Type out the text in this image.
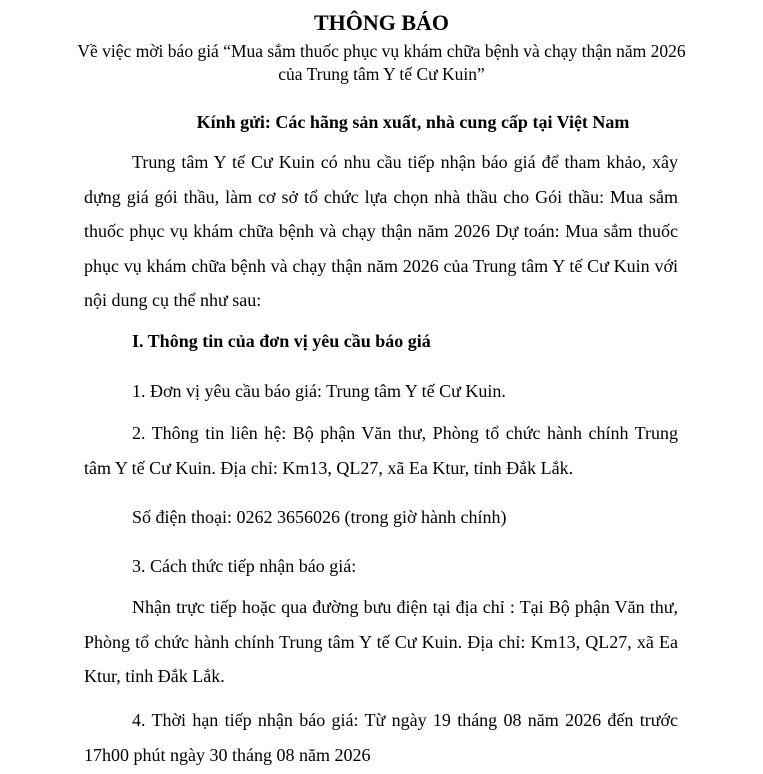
THÔNG BÁO
Về việc mời báo giá “Mua sắm thuốc phục vụ khám chữa bệnh và chạy thận năm 2026 của Trung tâm Y tế Cư Kuin”
Kính gửi: Các hãng sản xuất, nhà cung cấp tại Việt Nam
Trung tâm Y tế Cư Kuin có nhu cầu tiếp nhận báo giá để tham khảo, xây dựng giá gói thầu, làm cơ sở tổ chức lựa chọn nhà thầu cho Gói thầu: Mua sắm thuốc phục vụ khám chữa bệnh và chạy thận năm 2026 Dự toán: Mua sắm thuốc phục vụ khám chữa bệnh và chạy thận năm 2026 của Trung tâm Y tế Cư Kuin với nội dung cụ thể như sau:
I. Thông tin của đơn vị yêu cầu báo giá
1. Đơn vị yêu cầu báo giá: Trung tâm Y tế Cư Kuin.
2. Thông tin liên hệ: Bộ phận Văn thư, Phòng tổ chức hành chính Trung tâm Y tế Cư Kuin. Địa chỉ: Km13, QL27, xã Ea Ktur, tỉnh Đắk Lắk.
Số điện thoại: 0262 3656026 (trong giờ hành chính)
3. Cách thức tiếp nhận báo giá:
Nhận trực tiếp hoặc qua đường bưu điện tại địa chỉ : Tại Bộ phận Văn thư, Phòng tổ chức hành chính Trung tâm Y tế Cư Kuin. Địa chỉ: Km13, QL27, xã Ea Ktur, tỉnh Đắk Lắk.
4. Thời hạn tiếp nhận báo giá: Từ ngày 19 tháng 08 năm 2026 đến trước 17h00 phút ngày 30 tháng 08 năm 2026
